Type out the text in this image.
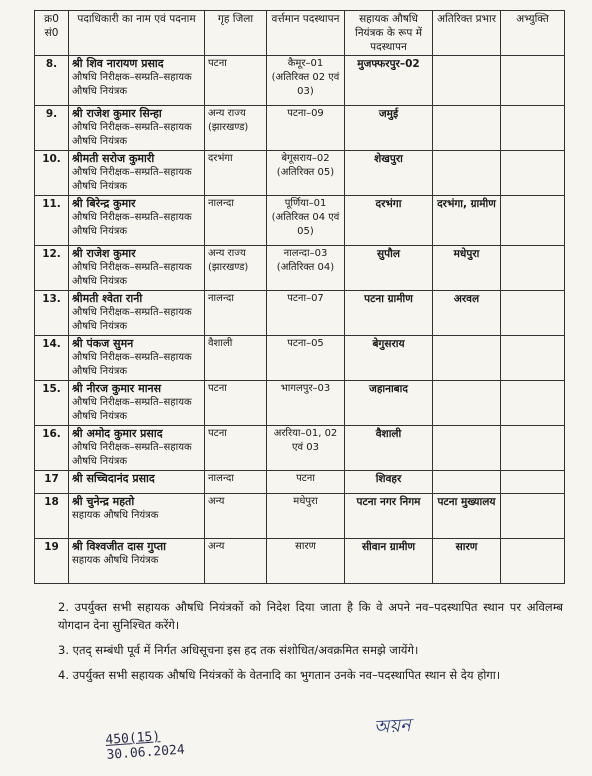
क्र0 सं0	पदाधिकारी का नाम एवं पदनाम	गृह जिला	वर्त्तमान पदस्थापन	सहायक औषधि नियंत्रक के रूप में पदस्थापन	अतिरिक्त प्रभार	अभ्युक्ति
8.	श्री शिव नारायण प्रसाद
औषधि निरीक्षक–सम्प्रति–सहायक औषधि नियंत्रक	पटना	कैमूर–01 (अतिरिक्त 02 एवं 03)	मुजफ्फरपुर–02		
9.	श्री राजेश कुमार सिन्हा
औषधि निरीक्षक–सम्प्रति–सहायक औषधि नियंत्रक	अन्य राज्य (झारखण्ड)	पटना–09	जमुई		
10.	श्रीमती सरोज कुमारी
औषधि निरीक्षक–सम्प्रति–सहायक औषधि नियंत्रक	दरभंगा	बेगूसराय–02 (अतिरिक्त 05)	शेखपुरा		
11.	श्री बिरेन्द्र कुमार
औषधि निरीक्षक–सम्प्रति–सहायक औषधि नियंत्रक	नालन्दा	पूर्णिया–01 (अतिरिक्त 04 एवं 05)	दरभंगा	दरभंगा, ग्रामीण	
12.	श्री राजेश कुमार
औषधि निरीक्षक–सम्प्रति–सहायक औषधि नियंत्रक	अन्य राज्य (झारखण्ड)	नालन्दा–03 (अतिरिक्त 04)	सुपौल	मधेपुरा	
13.	श्रीमती श्वेता रानी
औषधि निरीक्षक–सम्प्रति–सहायक औषधि नियंत्रक	नालन्दा	पटना–07	पटना ग्रामीण	अरवल	
14.	श्री पंकज सुमन
औषधि निरीक्षक–सम्प्रति–सहायक औषधि नियंत्रक	वैशाली	पटना–05	बेगुसराय		
15.	श्री नीरज कुमार मानस
औषधि निरीक्षक–सम्प्रति–सहायक औषधि नियंत्रक	पटना	भागलपुर–03	जहानाबाद		
16.	श्री अमोद कुमार प्रसाद
औषधि निरीक्षक–सम्प्रति–सहायक औषधि नियंत्रक	पटना	अररिया–01, 02 एवं 03	वैशाली		
17	श्री सच्चिदानंद प्रसाद	नालन्दा	पटना	शिवहर		
18	श्री चुनेन्द्र महतो
सहायक औषधि नियंत्रक	अन्य	मधेपुरा	पटना नगर निगम	पटना मुख्यालय	
19	श्री विश्वजीत दास गुप्ता
सहायक औषधि नियंत्रक	अन्य	सारण	सीवान ग्रामीण	सारण	

2. उपर्युक्त सभी सहायक औषधि नियंत्रकों को निदेश दिया जाता है कि वे अपने नव–पदस्थापित स्थान पर अविलम्ब योगदान देना सुनिश्चित करेंगे।

3. एतद् सम्बंधी पूर्व में निर्गत अधिसूचना इस हद तक संशोधित/अवक्रमित समझे जायेंगे।

4. उपर्युक्त सभी सहायक औषधि नियंत्रकों के वेतनादि का भुगतान उनके नव–पदस्थापित स्थान से देय होगा।

450(15)
30.06.2024
অয়ন
